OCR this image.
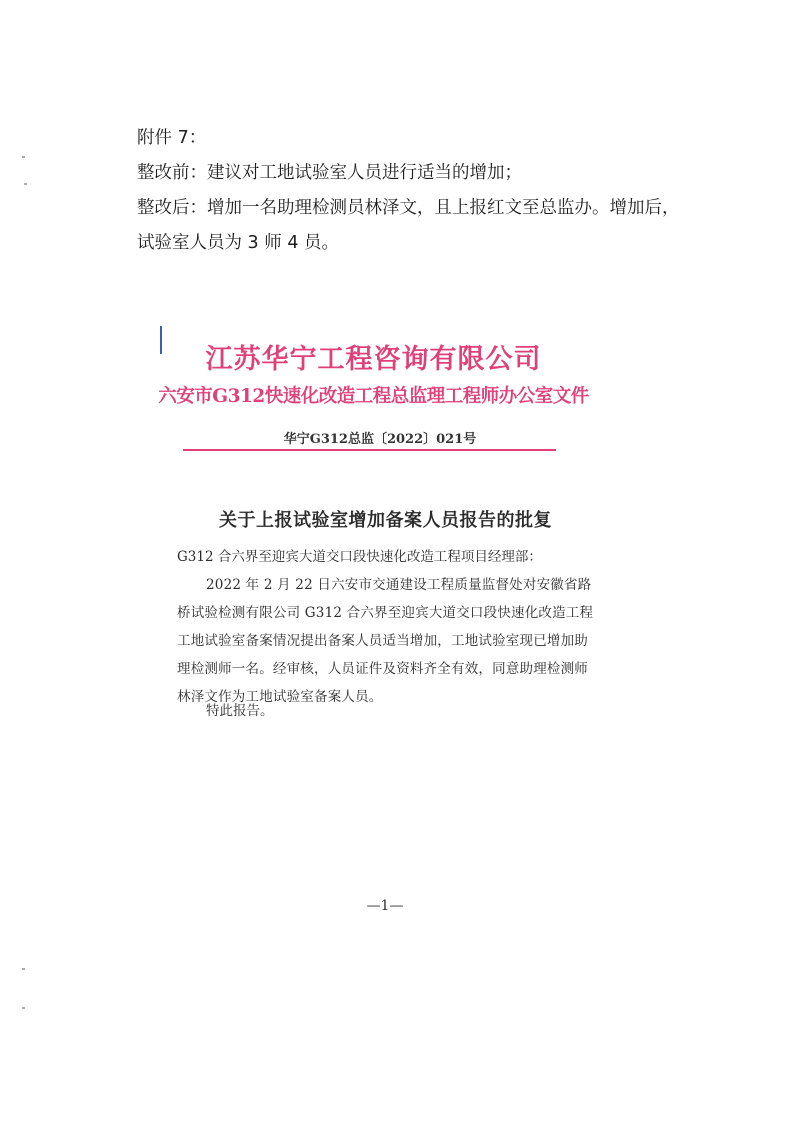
附件 7：
整改前：建议对工地试验室人员进行适当的增加；
整改后：增加一名助理检测员林泽文，且上报红文至总监办。增加后，
试验室人员为 3 师 4 员。
江苏华宁工程咨询有限公司
六安市G312快速化改造工程总监理工程师办公室文件
华宁G312总监〔2022〕021号
关于上报试验室增加备案人员报告的批复
G312 合六界至迎宾大道交口段快速化改造工程项目经理部：
2022 年 2 月 22 日六安市交通建设工程质量监督处对安徽省路桥试验检测有限公司 G312 合六界至迎宾大道交口段快速化改造工程工地试验室备案情况提出备案人员适当增加，工地试验室现已增加助理检测师一名。经审核，人员证件及资料齐全有效，同意助理检测师林泽文作为工地试验室备案人员。
特此报告。
—1—
